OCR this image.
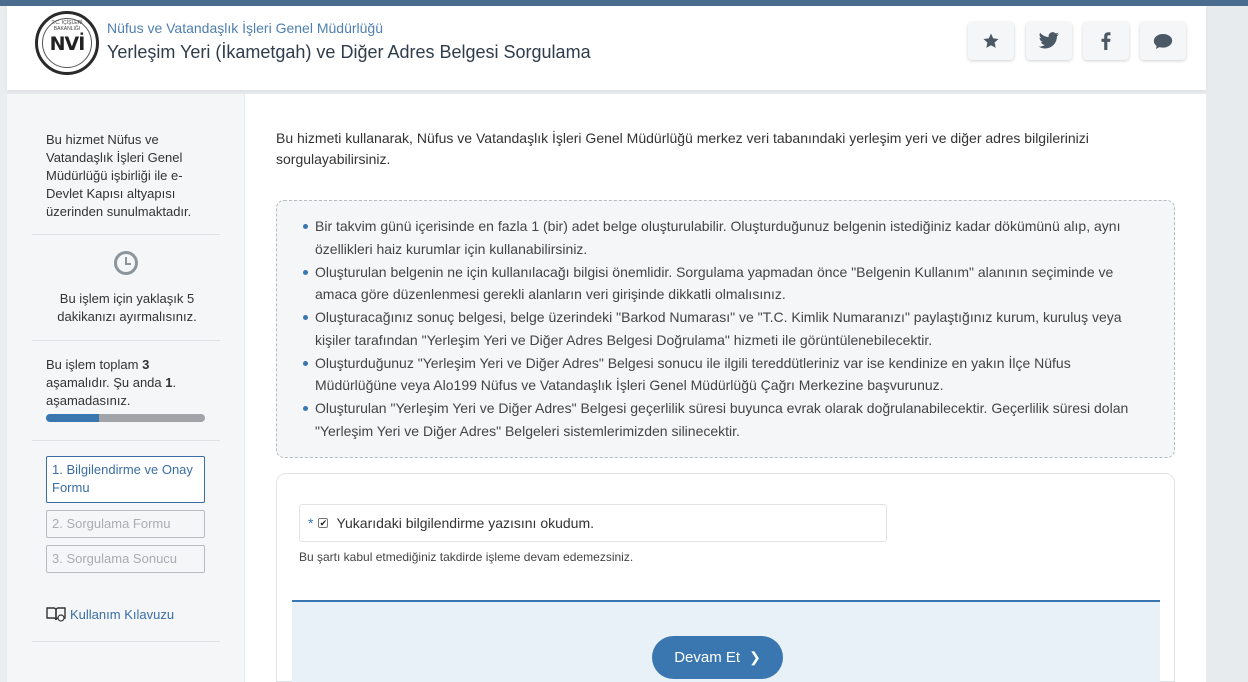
T.C. İÇİŞLERİ BAKANLIĞI
NVİ
Nüfus ve Vatandaşlık İşleri Genel Müdürlüğü
Yerleşim Yeri (İkametgah) ve Diğer Adres Belgesi Sorgulama
Bu hizmet Nüfus ve Vatandaşlık İşleri Genel Müdürlüğü işbirliği ile e-Devlet Kapısı altyapısı üzerinden sunulmaktadır.
Bu işlem için yaklaşık 5 dakikanızı ayırmalısınız.
Bu işlem toplam 3 aşamalıdır. Şu anda 1. aşamadasınız.
1. Bilgilendirme ve Onay Formu
2. Sorgulama Formu
3. Sorgulama Sonucu
Kullanım Kılavuzu

Bu hizmeti kullanarak, Nüfus ve Vatandaşlık İşleri Genel Müdürlüğü merkez veri tabanındaki yerleşim yeri ve diğer adres bilgilerinizi sorgulayabilirsiniz.

Bir takvim günü içerisinde en fazla 1 (bir) adet belge oluşturulabilir. Oluşturduğunuz belgenin istediğiniz kadar dökümünü alıp, aynı özellikleri haiz kurumlar için kullanabilirsiniz.
Oluşturulan belgenin ne için kullanılacağı bilgisi önemlidir. Sorgulama yapmadan önce "Belgenin Kullanım" alanının seçiminde ve amaca göre düzenlenmesi gerekli alanların veri girişinde dikkatli olmalısınız.
Oluşturacağınız sonuç belgesi, belge üzerindeki "Barkod Numarası" ve "T.C. Kimlik Numaranızı" paylaştığınız kurum, kuruluş veya kişiler tarafından "Yerleşim Yeri ve Diğer Adres Belgesi Doğrulama" hizmeti ile görüntülenebilecektir.
Oluşturduğunuz "Yerleşim Yeri ve Diğer Adres" Belgesi sonucu ile ilgili tereddütleriniz var ise kendinize en yakın İlçe Nüfus Müdürlüğüne veya Alo199 Nüfus ve Vatandaşlık İşleri Genel Müdürlüğü Çağrı Merkezine başvurunuz.
Oluşturulan "Yerleşim Yeri ve Diğer Adres" Belgesi geçerlilik süresi buyunca evrak olarak doğrulanabilecektir. Geçerlilik süresi dolan "Yerleşim Yeri ve Diğer Adres" Belgeleri sistemlerimizden silinecektir.
* ✔ Yukarıdaki bilgilendirme yazısını okudum.
Bu şartı kabul etmediğiniz takdirde işleme devam edemezsiniz.
Devam Et ❯
